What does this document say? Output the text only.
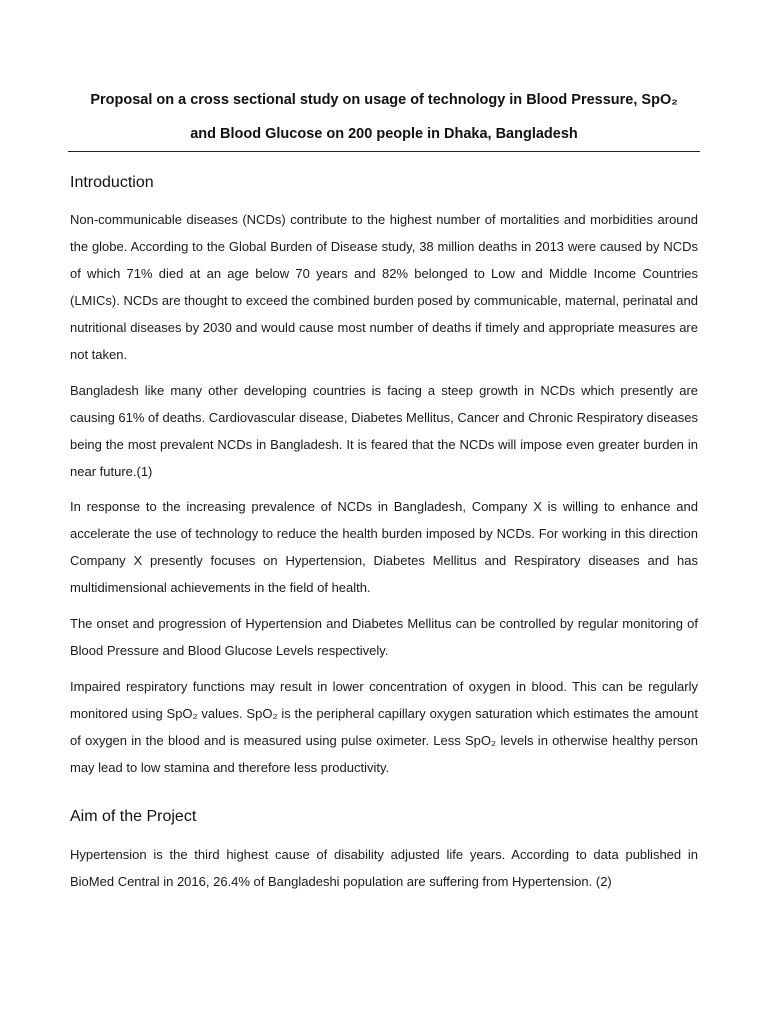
Proposal on a cross sectional study on usage of technology in Blood Pressure, SpO₂
and Blood Glucose on 200 people in Dhaka, Bangladesh
Introduction

Non-communicable diseases (NCDs) contribute to the highest number of mortalities and morbidities around the globe. According to the Global Burden of Disease study, 38 million deaths in 2013 were caused by NCDs of which 71% died at an age below 70 years and 82% belonged to Low and Middle Income Countries (LMICs). NCDs are thought to exceed the combined burden posed by communicable, maternal, perinatal and nutritional diseases by 2030 and would cause most number of deaths if timely and appropriate measures are not taken.

Bangladesh like many other developing countries is facing a steep growth in NCDs which presently are causing 61% of deaths. Cardiovascular disease, Diabetes Mellitus, Cancer and Chronic Respiratory diseases being the most prevalent NCDs in Bangladesh. It is feared that the NCDs will impose even greater burden in near future.(1)

In response to the increasing prevalence of NCDs in Bangladesh, Company X is willing to enhance and accelerate the use of technology to reduce the health burden imposed by NCDs. For working in this direction Company X presently focuses on Hypertension, Diabetes Mellitus and Respiratory diseases and has multidimensional achievements in the field of health.

The onset and progression of Hypertension and Diabetes Mellitus can be controlled by regular monitoring of Blood Pressure and Blood Glucose Levels respectively.

Impaired respiratory functions may result in lower concentration of oxygen in blood. This can be regularly monitored using SpO₂ values. SpO₂ is the peripheral capillary oxygen saturation which estimates the amount of oxygen in the blood and is measured using pulse oximeter. Less SpO₂ levels in otherwise healthy person may lead to low stamina and therefore less productivity.

Aim of the Project

Hypertension is the third highest cause of disability adjusted life years. According to data published in BioMed Central in 2016, 26.4% of Bangladeshi population are suffering from Hypertension. (2)
